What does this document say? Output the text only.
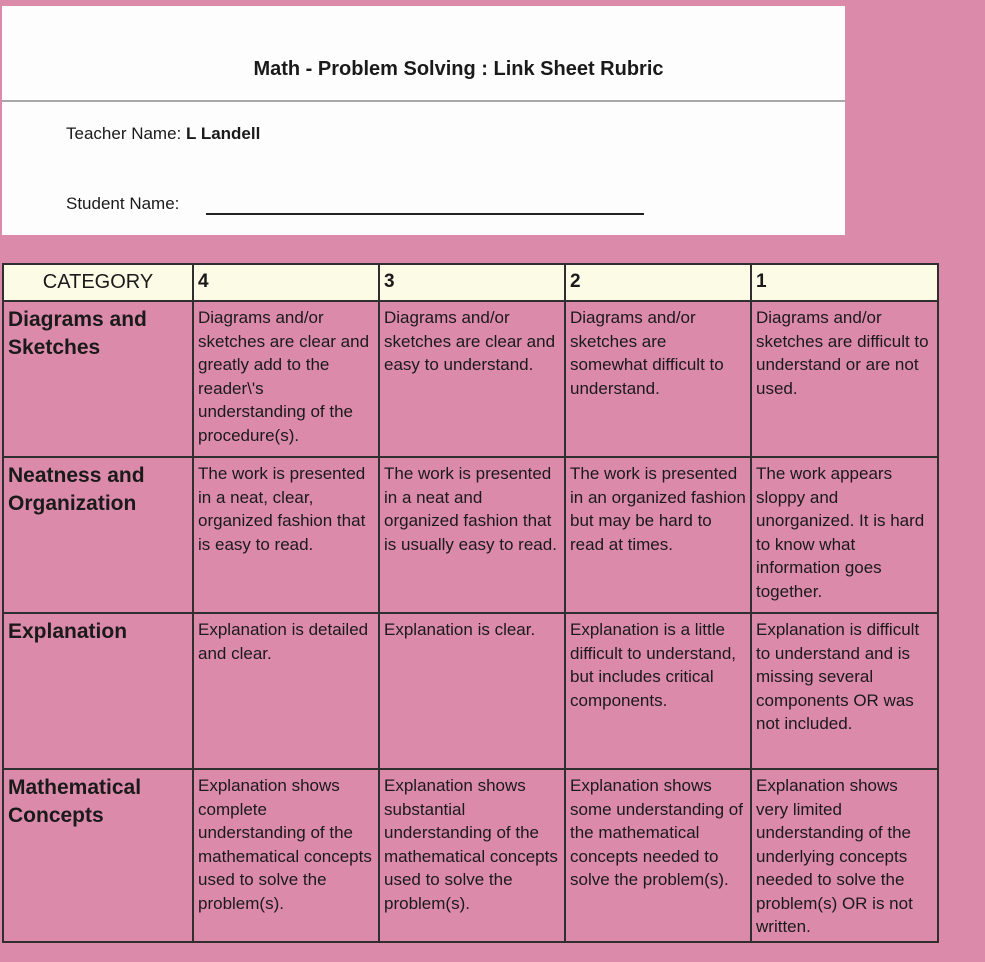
Math - Problem Solving : Link Sheet Rubric
Teacher Name: L Landell
Student Name:
CATEGORY	4	3	2	1
Diagrams and Sketches	Diagrams and/or sketches are clear and greatly add to the reader\'s understanding of the procedure(s).	Diagrams and/or sketches are clear and easy to understand.	Diagrams and/or sketches are somewhat difficult to understand.	Diagrams and/or sketches are difficult to understand or are not used.
Neatness and Organization	The work is presented in a neat, clear, organized fashion that is easy to read.	The work is presented in a neat and organized fashion that is usually easy to read.	The work is presented in an organized fashion but may be hard to read at times.	The work appears sloppy and unorganized. It is hard to know what information goes together.
Explanation	Explanation is detailed and clear.	Explanation is clear.	Explanation is a little difficult to understand, but includes critical components.	Explanation is difficult to understand and is missing several components OR was not included.
Mathematical Concepts	Explanation shows complete understanding of the mathematical concepts used to solve the problem(s).	Explanation shows substantial understanding of the mathematical concepts used to solve the problem(s).	Explanation shows some understanding of the mathematical concepts needed to solve the problem(s).	Explanation shows very limited understanding of the underlying concepts needed to solve the problem(s) OR is not written.
